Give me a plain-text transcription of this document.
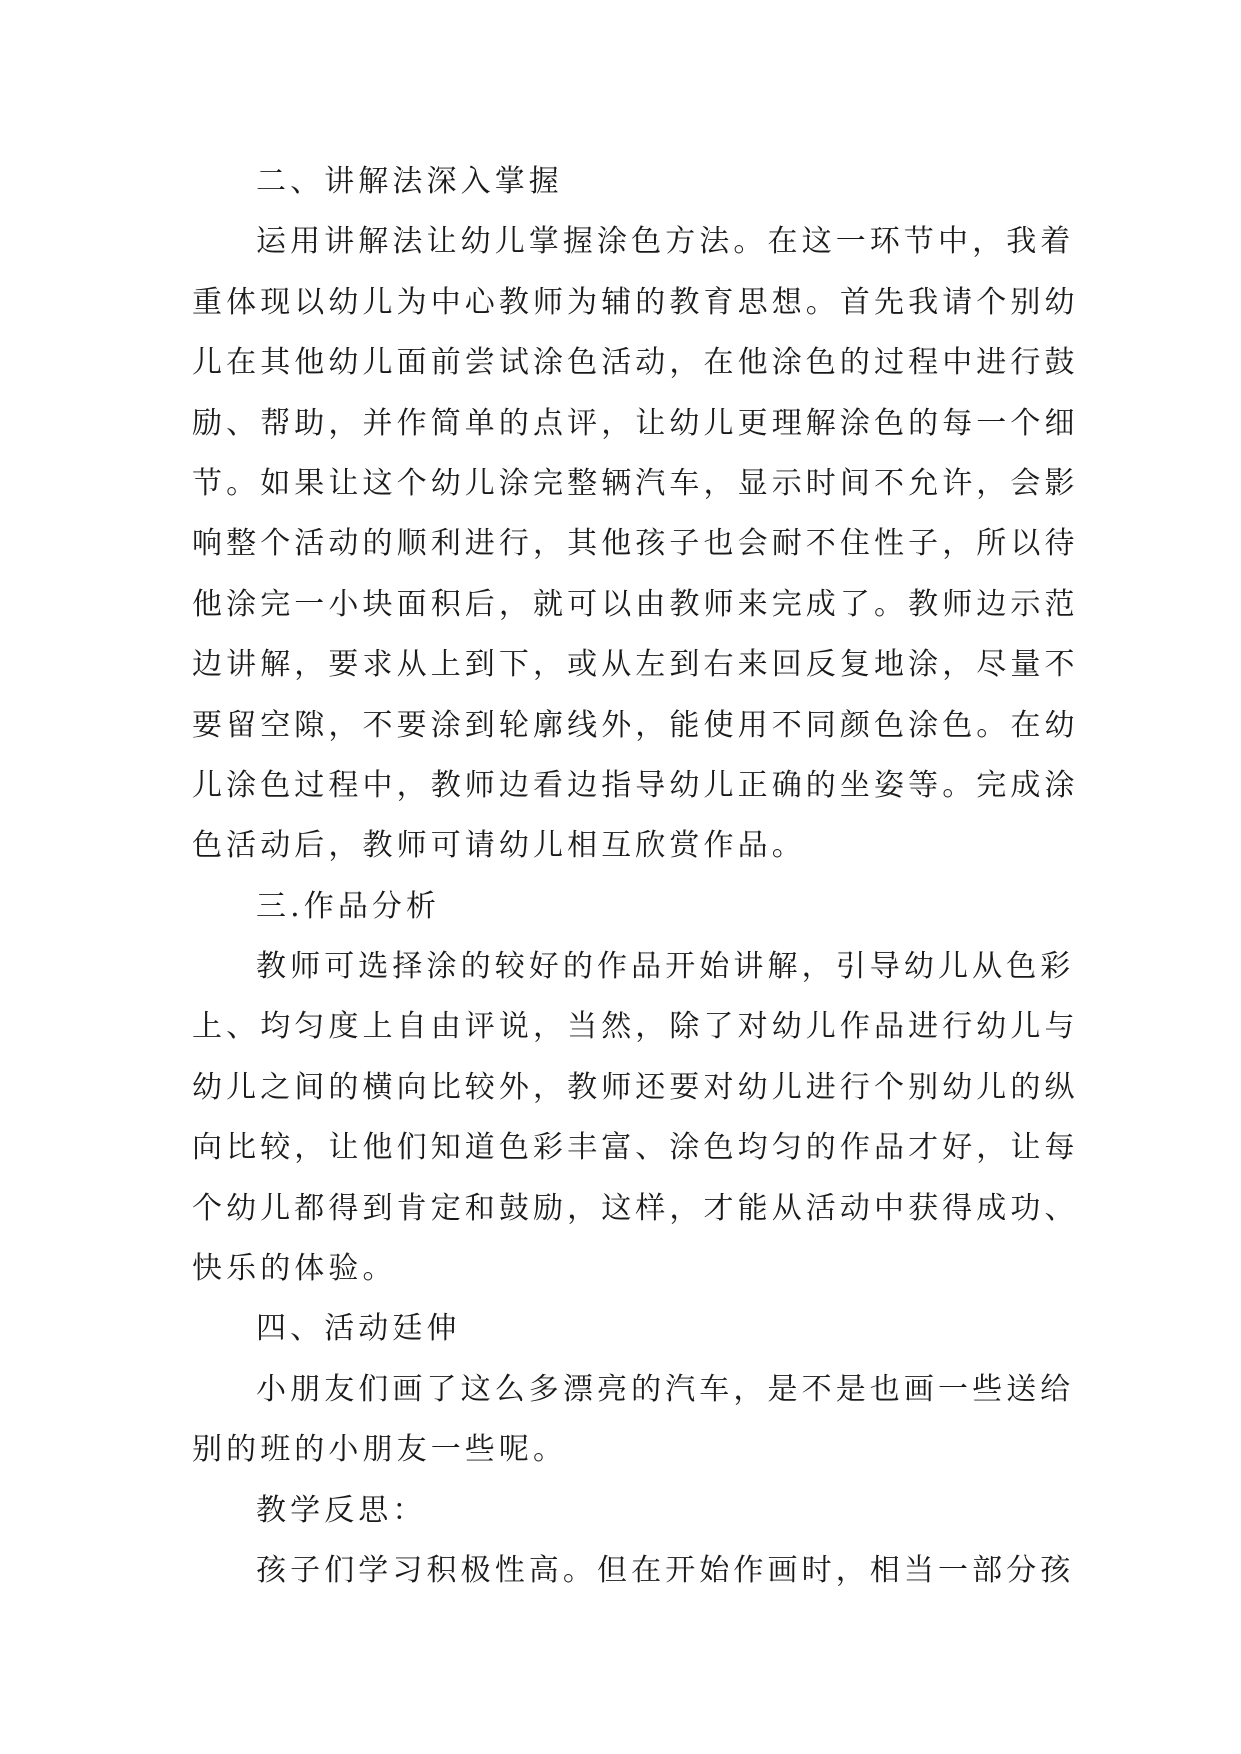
二、讲解法深入掌握
运用讲解法让幼儿掌握涂色方法。在这一环节中，我着
重体现以幼儿为中心教师为辅的教育思想。首先我请个别幼
儿在其他幼儿面前尝试涂色活动，在他涂色的过程中进行鼓
励、帮助，并作简单的点评，让幼儿更理解涂色的每一个细
节。如果让这个幼儿涂完整辆汽车，显示时间不允许，会影
响整个活动的顺利进行，其他孩子也会耐不住性子，所以待
他涂完一小块面积后，就可以由教师来完成了。教师边示范
边讲解，要求从上到下，或从左到右来回反复地涂，尽量不
要留空隙，不要涂到轮廓线外，能使用不同颜色涂色。在幼
儿涂色过程中，教师边看边指导幼儿正确的坐姿等。完成涂
色活动后，教师可请幼儿相互欣赏作品。
三.作品分析
教师可选择涂的较好的作品开始讲解，引导幼儿从色彩
上、均匀度上自由评说，当然，除了对幼儿作品进行幼儿与
幼儿之间的横向比较外，教师还要对幼儿进行个别幼儿的纵
向比较，让他们知道色彩丰富、涂色均匀的作品才好，让每
个幼儿都得到肯定和鼓励，这样，才能从活动中获得成功、
快乐的体验。
四、活动廷伸
小朋友们画了这么多漂亮的汽车，是不是也画一些送给
别的班的小朋友一些呢。
教学反思：
孩子们学习积极性高。但在开始作画时，相当一部分孩
